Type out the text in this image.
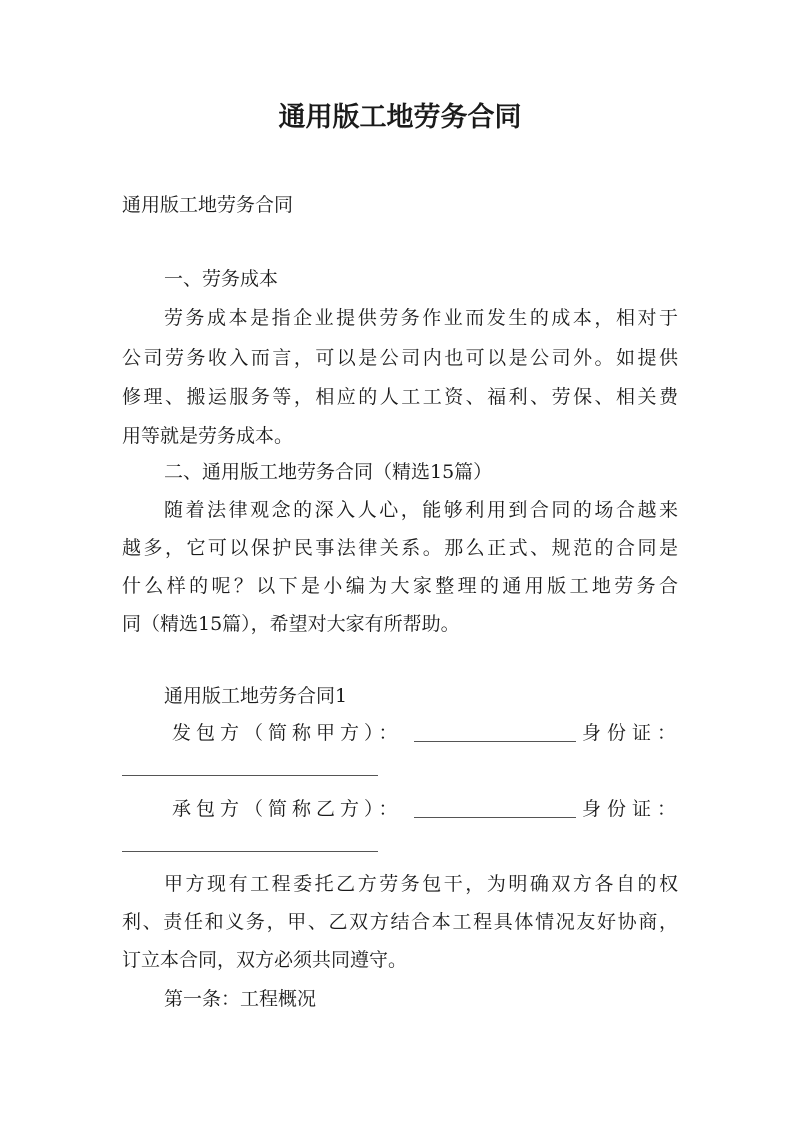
通用版工地劳务合同
通用版工地劳务合同
一、劳务成本
劳务成本是指企业提供劳务作业而发生的成本，相对于
公司劳务收入而言，可以是公司内也可以是公司外。如提供
修理、搬运服务等，相应的人工工资、福利、劳保、相关费
用等就是劳务成本。
二、通用版工地劳务合同（精选15篇）
随着法律观念的深入人心，能够利用到合同的场合越来
越多，它可以保护民事法律关系。那么正式、规范的合同是
什么样的呢？以下是小编为大家整理的通用版工地劳务合
同（精选15篇），希望对大家有所帮助。
通用版工地劳务合同1
发包方（简称甲方）：	身份证：
承包方（简称乙方）：	身份证：
甲方现有工程委托乙方劳务包干，为明确双方各自的权
利、责任和义务，甲、乙双方结合本工程具体情况友好协商，
订立本合同，双方必须共同遵守。
第一条：工程概况
